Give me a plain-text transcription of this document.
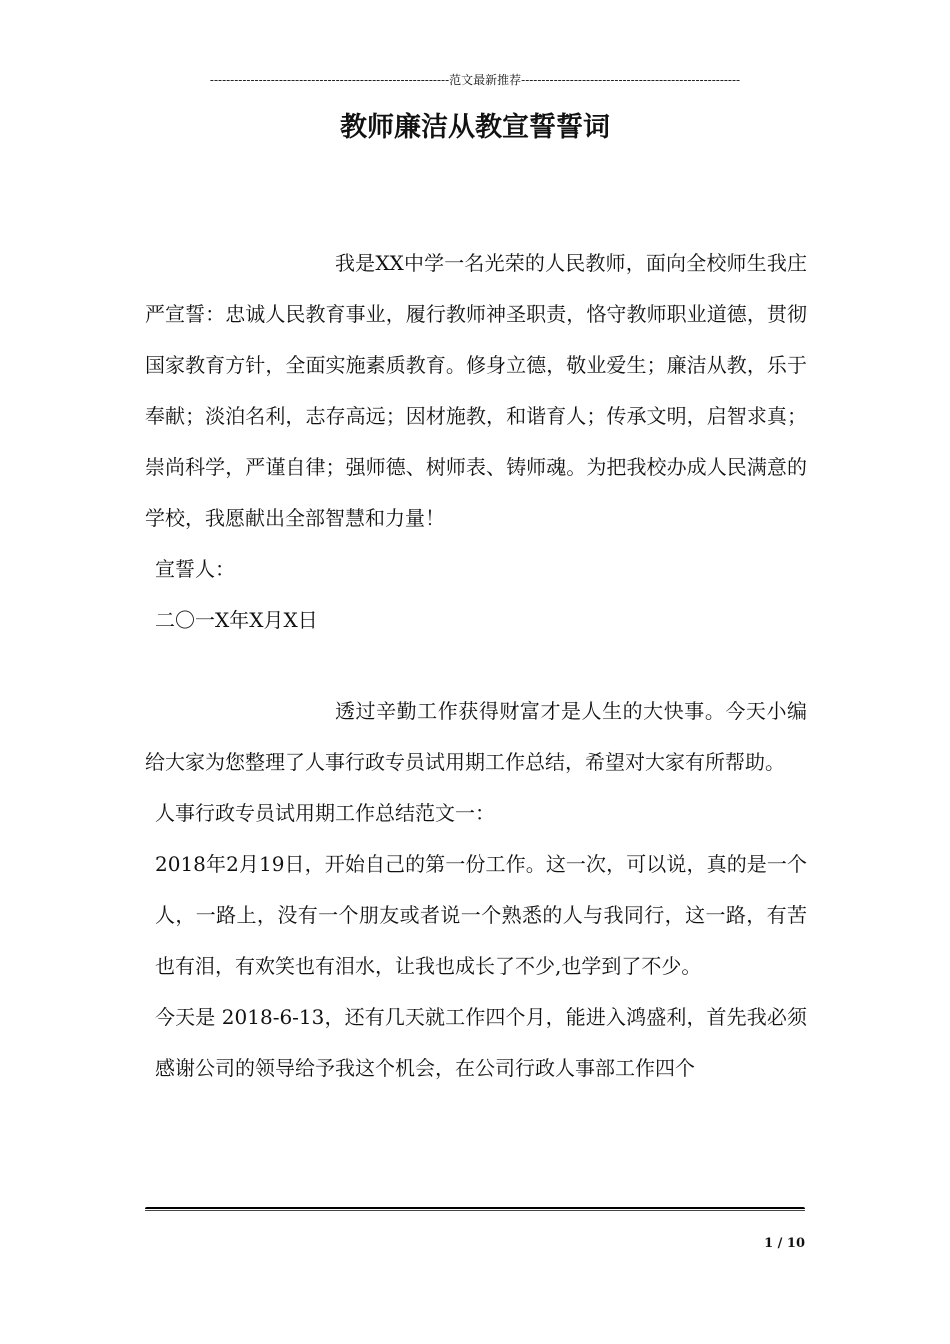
-----------------------------------------------------------范文最新推荐------------------------------------------------------
教师廉洁从教宣誓誓词

我是XX中学一名光荣的人民教师，面向全校师生我庄严宣誓：忠诚人民教育事业，履行教师神圣职责，恪守教师职业道德，贯彻国家教育方针，全面实施素质教育。修身立德，敬业爱生；廉洁从教，乐于奉献；淡泊名利，志存高远；因材施教，和谐育人；传承文明，启智求真；崇尚科学，严谨自律；强师德、树师表、铸师魂。为把我校办成人民满意的学校，我愿献出全部智慧和力量！

宣誓人：

二〇一X年X月X日

透过辛勤工作获得财富才是人生的大快事。今天小编给大家为您整理了人事行政专员试用期工作总结，希望对大家有所帮助。

人事行政专员试用期工作总结范文一：

2018年2月19日，开始自己的第一份工作。这一次，可以说，真的是一个人，一路上，没有一个朋友或者说一个熟悉的人与我同行，这一路，有苦也有泪，有欢笑也有泪水，让我也成长了不少,也学到了不少。

今天是 2018-6-13，还有几天就工作四个月，能进入鸿盛利，首先我必须感谢公司的领导给予我这个机会，在公司行政人事部工作四个

1 / 10
